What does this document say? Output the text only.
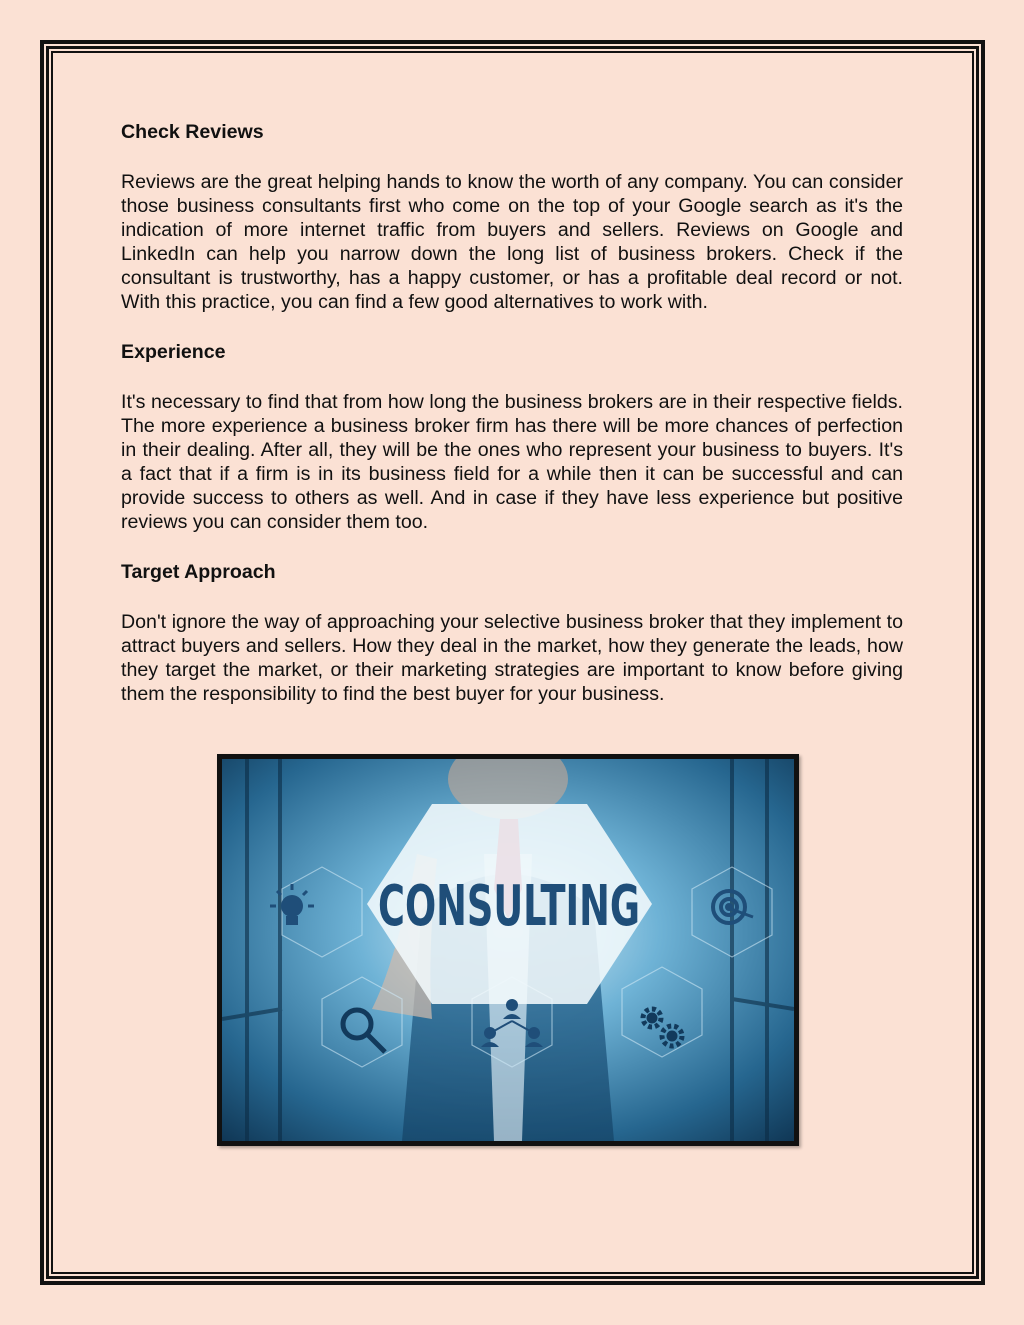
Check Reviews

Reviews are the great helping hands to know the worth of any company. You can consider those business consultants first who come on the top of your Google search as it's the indication of more internet traffic from buyers and sellers. Reviews on Google and LinkedIn can help you narrow down the long list of business brokers. Check if the consultant is trustworthy, has a happy customer, or has a profitable deal record or not. With this practice, you can find a few good alternatives to work with.

Experience

It's necessary to find that from how long the business brokers are in their respective fields. The more experience a business broker firm has there will be more chances of perfection in their dealing. After all, they will be the ones who represent your business to buyers. It's a fact that if a firm is in its business field for a while then it can be successful and can provide success to others as well. And in case if they have less experience but positive reviews you can consider them too.

Target Approach

Don't ignore the way of approaching your selective business broker that they implement to attract buyers and sellers. How they deal in the market, how they generate the leads, how they target the market, or their marketing strategies are important to know before giving them the responsibility to find the best buyer for your business.

CONSULTING
